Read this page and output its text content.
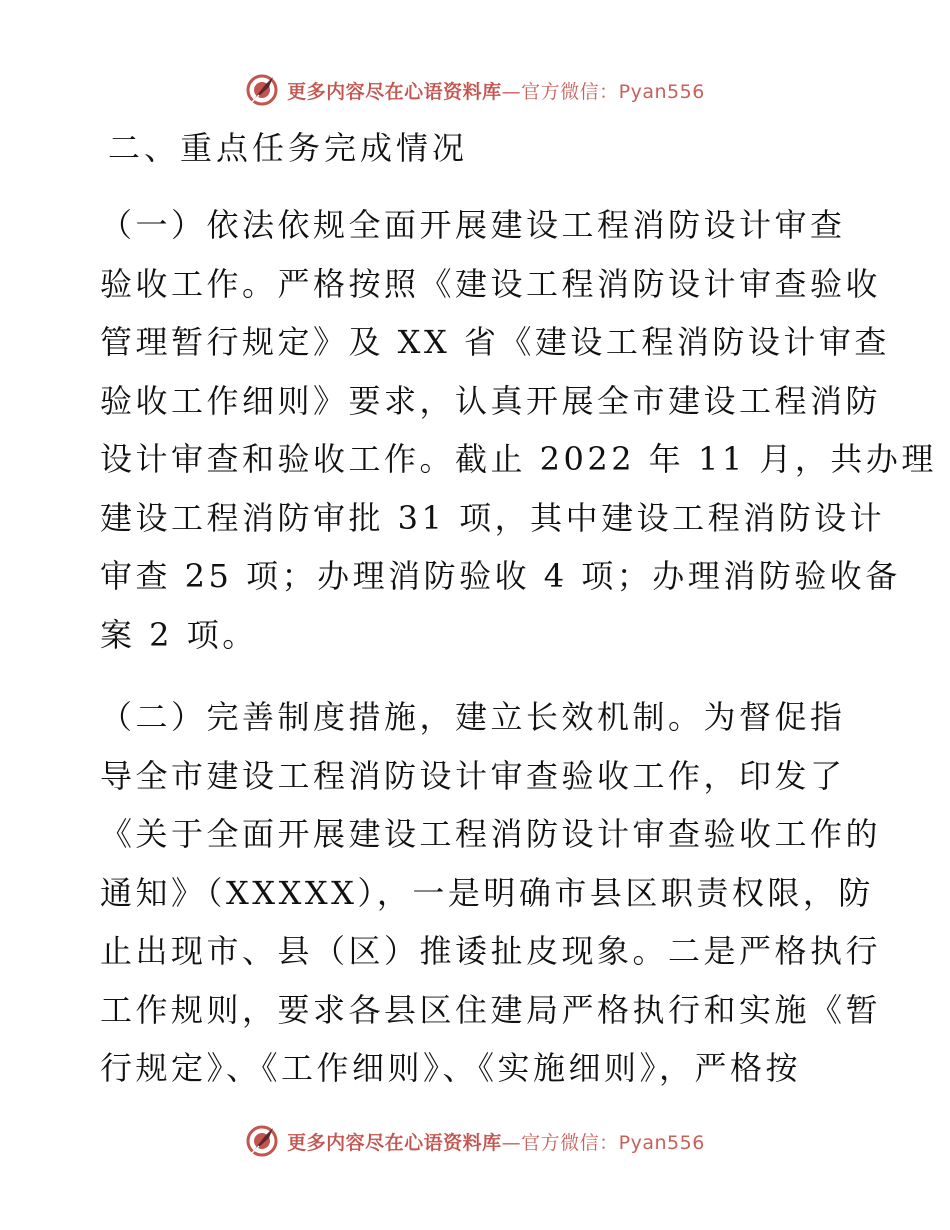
更多内容尽在心语资料库—官方微信：Pyan556
二、重点任务完成情况

（一）依法依规全面开展建设工程消防设计审查
验收工作。严格按照《建设工程消防设计审查验收
管理暂行规定》及 XX 省《建设工程消防设计审查
验收工作细则》要求，认真开展全市建设工程消防
设计审查和验收工作。截止 2022 年 11 月，共办理
建设工程消防审批 31 项，其中建设工程消防设计
审查 25 项；办理消防验收 4 项；办理消防验收备
案 2 项。

（二）完善制度措施，建立长效机制。为督促指
导全市建设工程消防设计审查验收工作，印发了
《关于全面开展建设工程消防设计审查验收工作的
通知》（XXXXX），一是明确市县区职责权限，防
止出现市、县（区）推诿扯皮现象。二是严格执行
工作规则，要求各县区住建局严格执行和实施《暂
行规定》、《工作细则》、《实施细则》，严格按

更多内容尽在心语资料库—官方微信：Pyan556
